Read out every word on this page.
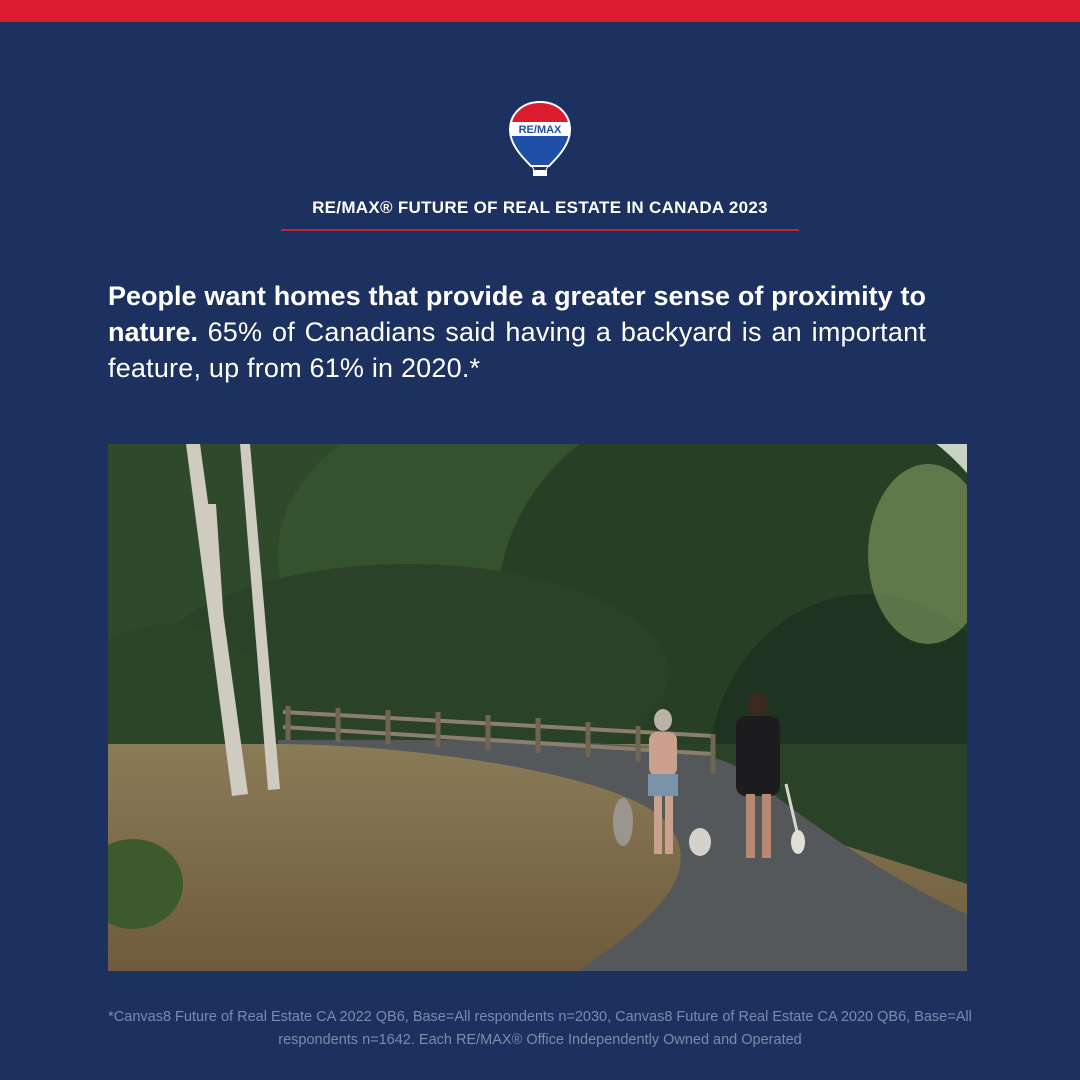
RE/MAX
RE/MAX® FUTURE OF REAL ESTATE IN CANADA 2023
People want homes that provide a greater sense of proximity to nature. 65% of Canadians said having a backyard is an important feature, up from 61% in 2020.*
*Canvas8 Future of Real Estate CA 2022 QB6, Base=All respondents n=2030, Canvas8 Future of Real Estate CA 2020 QB6, Base=All respondents n=1642. Each RE/MAX® Office Independently Owned and Operated
